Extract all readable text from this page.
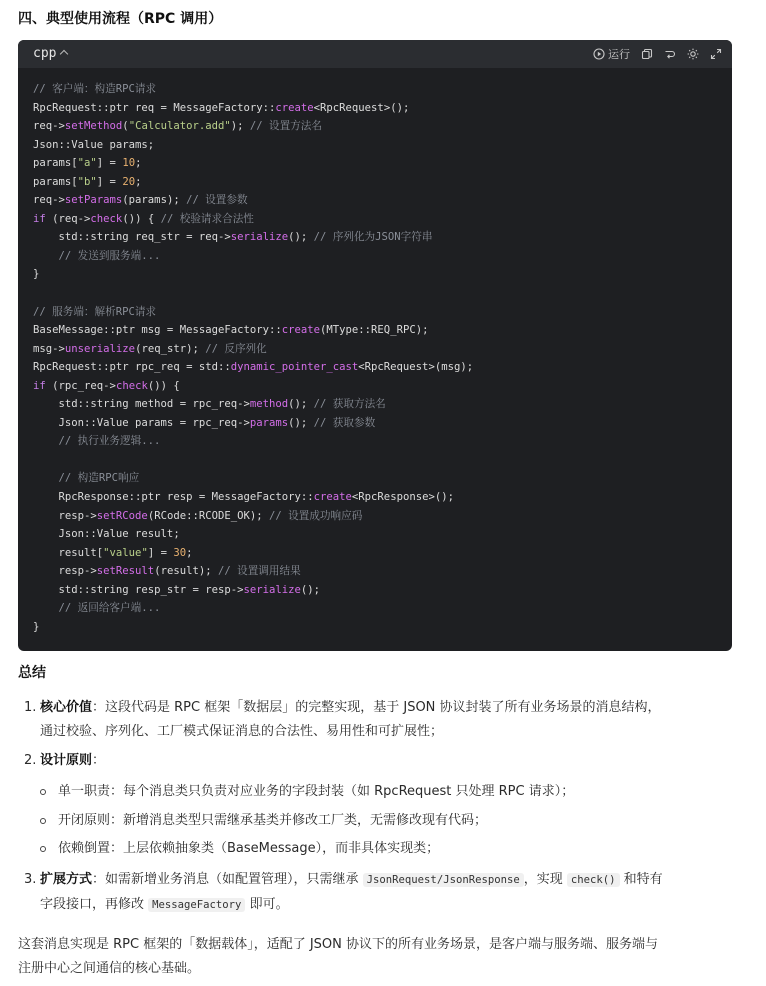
四、典型使用流程（RPC 调用）
cpp	运行
// 客户端：构造RPC请求
RpcRequest::ptr req = MessageFactory::create<RpcRequest>();
req->setMethod("Calculator.add"); // 设置方法名
Json::Value params;
params["a"] = 10;
params["b"] = 20;
req->setParams(params); // 设置参数
if (req->check()) { // 校验请求合法性
std::string req_str = req->serialize(); // 序列化为JSON字符串
// 发送到服务端...
}

// 服务端：解析RPC请求
BaseMessage::ptr msg = MessageFactory::create(MType::REQ_RPC);
msg->unserialize(req_str); // 反序列化
RpcRequest::ptr rpc_req = std::dynamic_pointer_cast<RpcRequest>(msg);
if (rpc_req->check()) {
std::string method = rpc_req->method(); // 获取方法名
Json::Value params = rpc_req->params(); // 获取参数
// 执行业务逻辑...

// 构造RPC响应
RpcResponse::ptr resp = MessageFactory::create<RpcResponse>();
resp->setRCode(RCode::RCODE_OK); // 设置成功响应码
Json::Value result;
result["value"] = 30;
resp->setResult(result); // 设置调用结果
std::string resp_str = resp->serialize();
// 返回给客户端...
}
总结
1. 核心价值：这段代码是 RPC 框架「数据层」的完整实现，基于 JSON 协议封装了所有业务场景的消息结构，
通过校验、序列化、工厂模式保证消息的合法性、易用性和可扩展性；
2. 设计原则：
单一职责：每个消息类只负责对应业务的字段封装（如 RpcRequest 只处理 RPC 请求）；
开闭原则：新增消息类型只需继承基类并修改工厂类，无需修改现有代码；
依赖倒置：上层依赖抽象类（BaseMessage），而非具体实现类；
3. 扩展方式：如需新增业务消息（如配置管理），只需继承 JsonRequest/JsonResponse ，实现 check() 和特有
字段接口，再修改 MessageFactory 即可。
这套消息实现是 RPC 框架的「数据载体」，适配了 JSON 协议下的所有业务场景，是客户端与服务端、服务端与
注册中心之间通信的核心基础。
